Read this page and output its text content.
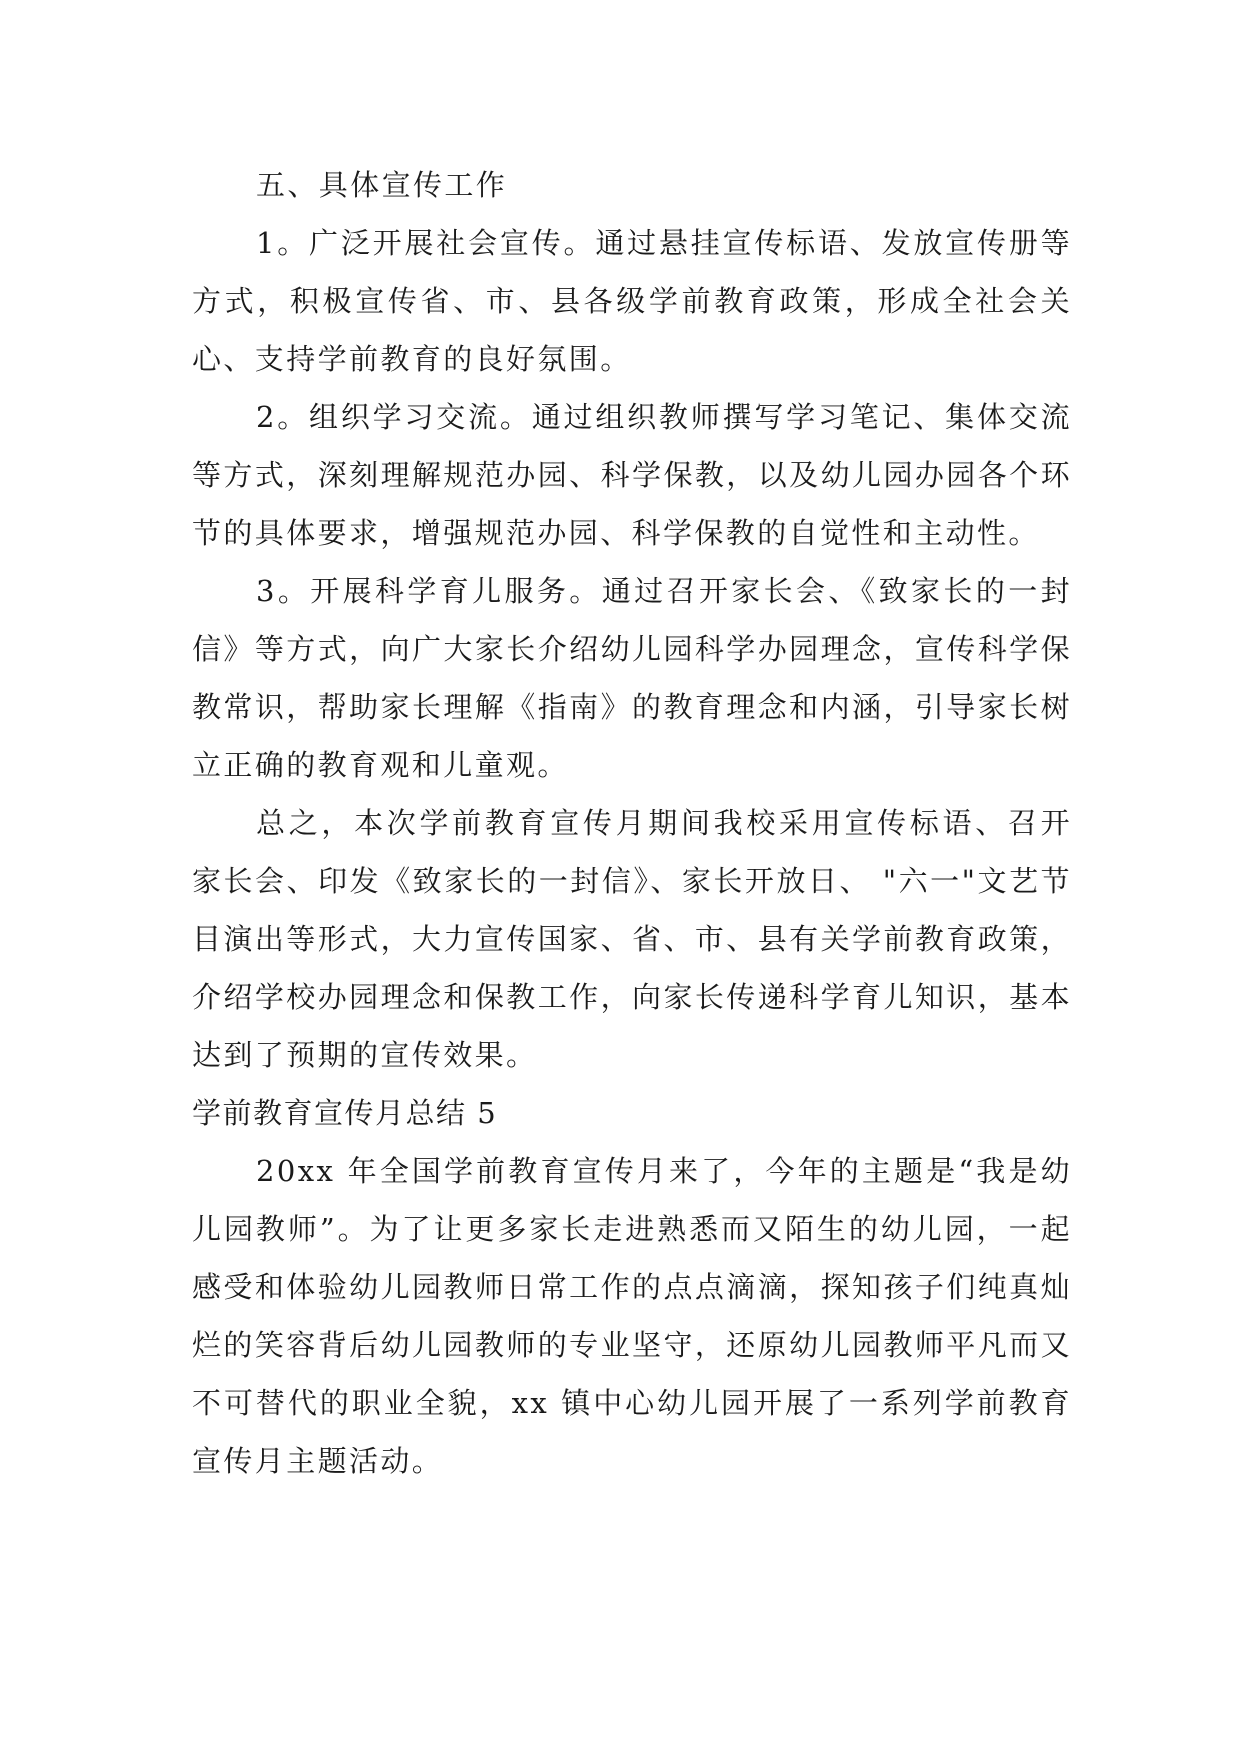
五、具体宣传工作

1。广泛开展社会宣传。通过悬挂宣传标语、发放宣传册等方式，积极宣传省、市、县各级学前教育政策，形成全社会关心、支持学前教育的良好氛围。

2。组织学习交流。通过组织教师撰写学习笔记、集体交流等方式，深刻理解规范办园、科学保教，以及幼儿园办园各个环节的具体要求，增强规范办园、科学保教的自觉性和主动性。

3。开展科学育儿服务。通过召开家长会、《致家长的一封信》等方式，向广大家长介绍幼儿园科学办园理念，宣传科学保教常识，帮助家长理解《指南》的教育理念和内涵，引导家长树立正确的教育观和儿童观。

总之，本次学前教育宣传月期间我校采用宣传标语、召开家长会、印发《致家长的一封信》、家长开放日、 "六一"文艺节目演出等形式，大力宣传国家、省、市、县有关学前教育政策，介绍学校办园理念和保教工作，向家长传递科学育儿知识，基本达到了预期的宣传效果。

学前教育宣传月总结 5

20xx 年全国学前教育宣传月来了，今年的主题是“我是幼儿园教师”。为了让更多家长走进熟悉而又陌生的幼儿园，一起感受和体验幼儿园教师日常工作的点点滴滴，探知孩子们纯真灿烂的笑容背后幼儿园教师的专业坚守，还原幼儿园教师平凡而又不可替代的职业全貌，xx 镇中心幼儿园开展了一系列学前教育宣传月主题活动。
